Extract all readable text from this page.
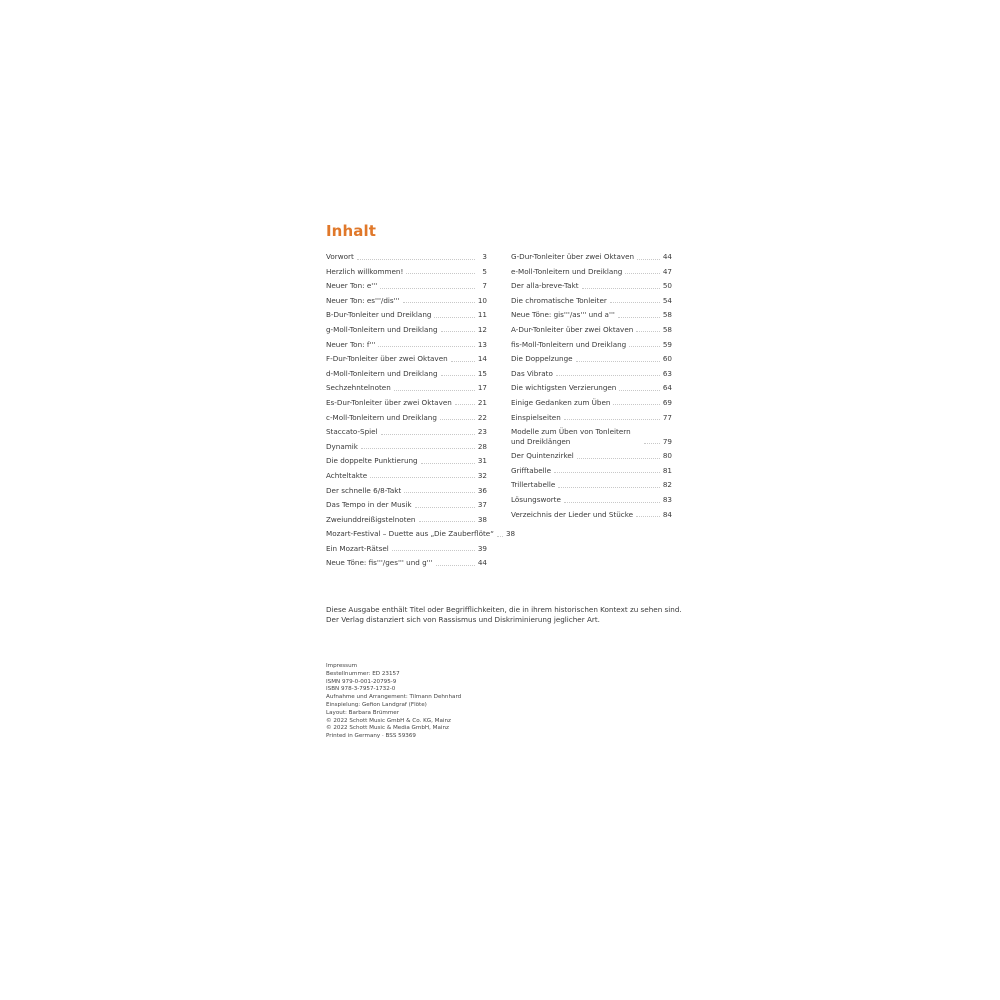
Inhalt
Vorwort	3
Herzlich willkommen!	5
Neuer Ton: e'''	7
Neuer Ton: es'''/dis'''	10
B-Dur-Tonleiter und Dreiklang	11
g-Moll-Tonleitern und Dreiklang	12
Neuer Ton: f'''	13
F-Dur-Tonleiter über zwei Oktaven	14
d-Moll-Tonleitern und Dreiklang	15
Sechzehntelnoten	17
Es-Dur-Tonleiter über zwei Oktaven	21
c-Moll-Tonleitern und Dreiklang	22
Staccato-Spiel	23
Dynamik	28
Die doppelte Punktierung	31
Achteltakte	32
Der schnelle 6/8-Takt	36
Das Tempo in der Musik	37
Zweiunddreißigstelnoten	38
Mozart-Festival – Duette aus „Die Zauberflöte“ 38
Ein Mozart-Rätsel	39
Neue Töne: fis'''/ges''' und g'''	44
G-Dur-Tonleiter über zwei Oktaven	44
e-Moll-Tonleitern und Dreiklang	47
Der alla-breve-Takt	50
Die chromatische Tonleiter	54
Neue Töne: gis'''/as''' und a'''	58
A-Dur-Tonleiter über zwei Oktaven	58
fis-Moll-Tonleitern und Dreiklang	59
Die Doppelzunge	60
Das Vibrato	63
Die wichtigsten Verzierungen	64
Einige Gedanken zum Üben	69
Einspielseiten	77
Modelle zum Üben von Tonleitern und Dreiklängen	79
Der Quintenzirkel	80
Grifftabelle	81
Trillertabelle	82
Lösungsworte	83
Verzeichnis der Lieder und Stücke	84

Diese Ausgabe enthält Titel oder Begrifflichkeiten, die in ihrem historischen Kontext zu sehen sind.

Der Verlag distanziert sich von Rassismus und Diskriminierung jeglicher Art.

Impressum
Bestellnummer: ED 23157
ISMN 979-0-001-20795-9
ISBN 978-3-7957-1732-0
Aufnahme und Arrangement: Tilmann Dehnhard
Einspielung: Gefion Landgraf (Flöte)
Layout: Barbara Brümmer
© 2022 Schott Music GmbH & Co. KG, Mainz
© 2022 Schott Music & Media GmbH, Mainz
Printed in Germany · BSS 59369
